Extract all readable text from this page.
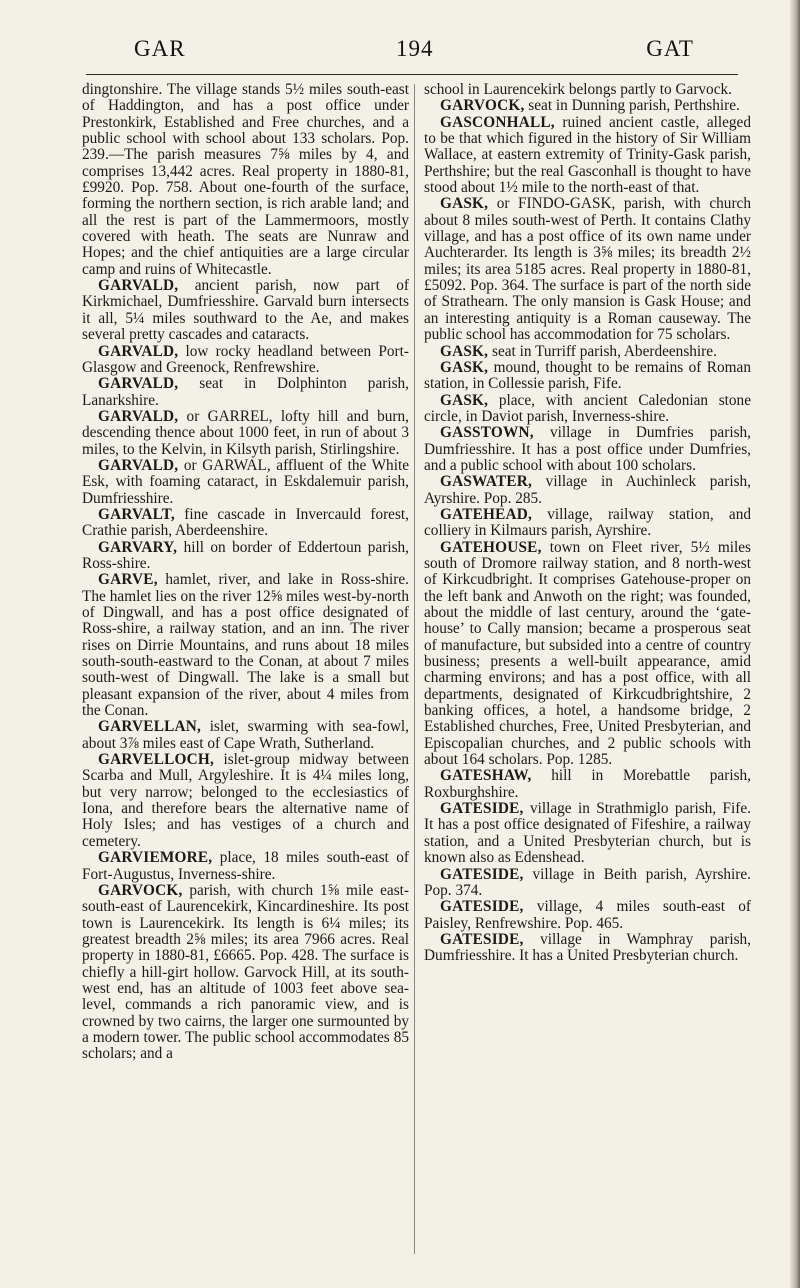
GAR	194	GAT

dingtonshire. The village stands 5½ miles south-east of Haddington, and has a post office under Prestonkirk, Established and Free churches, and a public school with school about 133 scholars. Pop. 239.—The parish measures 7⅝ miles by 4, and comprises 13,442 acres. Real property in 1880-81, £9920. Pop. 758. About one-fourth of the surface, forming the northern section, is rich arable land; and all the rest is part of the Lammermoors, mostly covered with heath. The seats are Nunraw and Hopes; and the chief antiquities are a large circular camp and ruins of Whitecastle.

GARVALD, ancient parish, now part of Kirkmichael, Dumfriesshire. Garvald burn intersects it all, 5¼ miles southward to the Ae, and makes several pretty cascades and cataracts.

GARVALD, low rocky headland between Port-Glasgow and Greenock, Renfrewshire.

GARVALD, seat in Dolphinton parish, Lanarkshire.

GARVALD, or GARREL, lofty hill and burn, descending thence about 1000 feet, in run of about 3 miles, to the Kelvin, in Kilsyth parish, Stirlingshire.

GARVALD, or GARWAL, affluent of the White Esk, with foaming cataract, in Eskdalemuir parish, Dumfriesshire.

GARVALT, fine cascade in Invercauld forest, Crathie parish, Aberdeenshire.

GARVARY, hill on border of Eddertoun parish, Ross-shire.

GARVE, hamlet, river, and lake in Ross-shire. The hamlet lies on the river 12⅝ miles west-by-north of Dingwall, and has a post office designated of Ross-shire, a railway station, and an inn. The river rises on Dirrie Mountains, and runs about 18 miles south-south-eastward to the Conan, at about 7 miles south-west of Dingwall. The lake is a small but pleasant expansion of the river, about 4 miles from the Conan.

GARVELLAN, islet, swarming with sea-fowl, about 3⅞ miles east of Cape Wrath, Sutherland.

GARVELLOCH, islet-group midway between Scarba and Mull, Argyleshire. It is 4¼ miles long, but very narrow; belonged to the ecclesiastics of Iona, and therefore bears the alternative name of Holy Isles; and has vestiges of a church and cemetery.

GARVIEMORE, place, 18 miles south-east of Fort-Augustus, Inverness-shire.

GARVOCK, parish, with church 1⅝ mile east-south-east of Laurencekirk, Kincardineshire. Its post town is Laurencekirk. Its length is 6¼ miles; its greatest breadth 2⅝ miles; its area 7966 acres. Real property in 1880-81, £6665. Pop. 428. The surface is chiefly a hill-girt hollow. Garvock Hill, at its south-west end, has an altitude of 1003 feet above sea-level, commands a rich panoramic view, and is crowned by two cairns, the larger one surmounted by a modern tower. The public school accommodates 85 scholars; and a

school in Laurencekirk belongs partly to Garvock.

GARVOCK, seat in Dunning parish, Perthshire.

GASCONHALL, ruined ancient castle, alleged to be that which figured in the history of Sir William Wallace, at eastern extremity of Trinity-Gask parish, Perthshire; but the real Gasconhall is thought to have stood about 1½ mile to the north-east of that.

GASK, or FINDO-GASK, parish, with church about 8 miles south-west of Perth. It contains Clathy village, and has a post office of its own name under Auchterarder. Its length is 3⅝ miles; its breadth 2½ miles; its area 5185 acres. Real property in 1880-81, £5092. Pop. 364. The surface is part of the north side of Strathearn. The only mansion is Gask House; and an interesting antiquity is a Roman causeway. The public school has accommodation for 75 scholars.

GASK, seat in Turriff parish, Aberdeenshire.

GASK, mound, thought to be remains of Roman station, in Collessie parish, Fife.

GASK, place, with ancient Caledonian stone circle, in Daviot parish, Inverness-shire.

GASSTOWN, village in Dumfries parish, Dumfriesshire. It has a post office under Dumfries, and a public school with about 100 scholars.

GASWATER, village in Auchinleck parish, Ayrshire. Pop. 285.

GATEHEAD, village, railway station, and colliery in Kilmaurs parish, Ayrshire.

GATEHOUSE, town on Fleet river, 5½ miles south of Dromore railway station, and 8 north-west of Kirkcudbright. It comprises Gatehouse-proper on the left bank and Anwoth on the right; was founded, about the middle of last century, around the ‘gate-house’ to Cally mansion; became a prosperous seat of manufacture, but subsided into a centre of country business; presents a well-built appearance, amid charming environs; and has a post office, with all departments, designated of Kirkcudbrightshire, 2 banking offices, a hotel, a handsome bridge, 2 Established churches, Free, United Presbyterian, and Episcopalian churches, and 2 public schools with about 164 scholars. Pop. 1285.

GATESHAW, hill in Morebattle parish, Roxburghshire.

GATESIDE, village in Strathmiglo parish, Fife. It has a post office designated of Fifeshire, a railway station, and a United Presbyterian church, but is known also as Edenshead.

GATESIDE, village in Beith parish, Ayrshire. Pop. 374.

GATESIDE, village, 4 miles south-east of Paisley, Renfrewshire. Pop. 465.

GATESIDE, village in Wamphray parish, Dumfriesshire. It has a United Presbyterian church.
